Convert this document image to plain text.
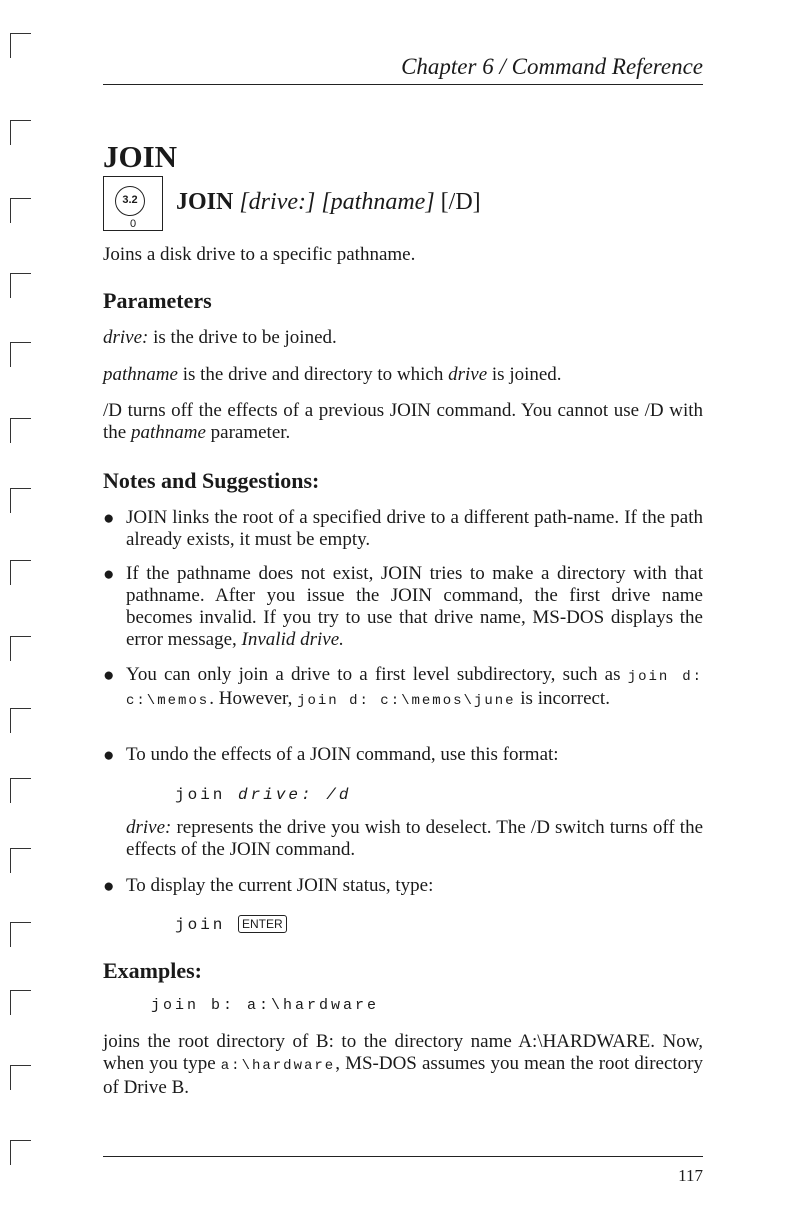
Chapter 6 / Command Reference
JOIN
3.2
0
JOIN [drive:] [pathname] [/D]

Joins a disk drive to a specific pathname.

Parameters

drive: is the drive to be joined.

pathname is the drive and directory to which drive is joined.

/D turns off the effects of a previous JOIN command. You cannot use /D with the pathname parameter.

Notes and Suggestions:
● JOIN links the root of a specified drive to a different path-name. If the path already exists, it must be empty.
● If the pathname does not exist, JOIN tries to make a directory with that pathname. After you issue the JOIN command, the first drive name becomes invalid. If you try to use that drive name, MS-DOS displays the error message, Invalid drive.
● You can only join a drive to a first level subdirectory, such as join d: c:\memos. However, join d: c:\memos\june is incorrect.
● To undo the effects of a JOIN command, use this format:
join drive: /d

drive: represents the drive you wish to deselect. The /D switch turns off the effects of the JOIN command.

● To display the current JOIN status, type:
join ENTER
Examples:
join b: a:\hardware

joins the root directory of B: to the directory name A:\HARDWARE. Now, when you type a:\hardware, MS-DOS assumes you mean the root directory of Drive B.

117
